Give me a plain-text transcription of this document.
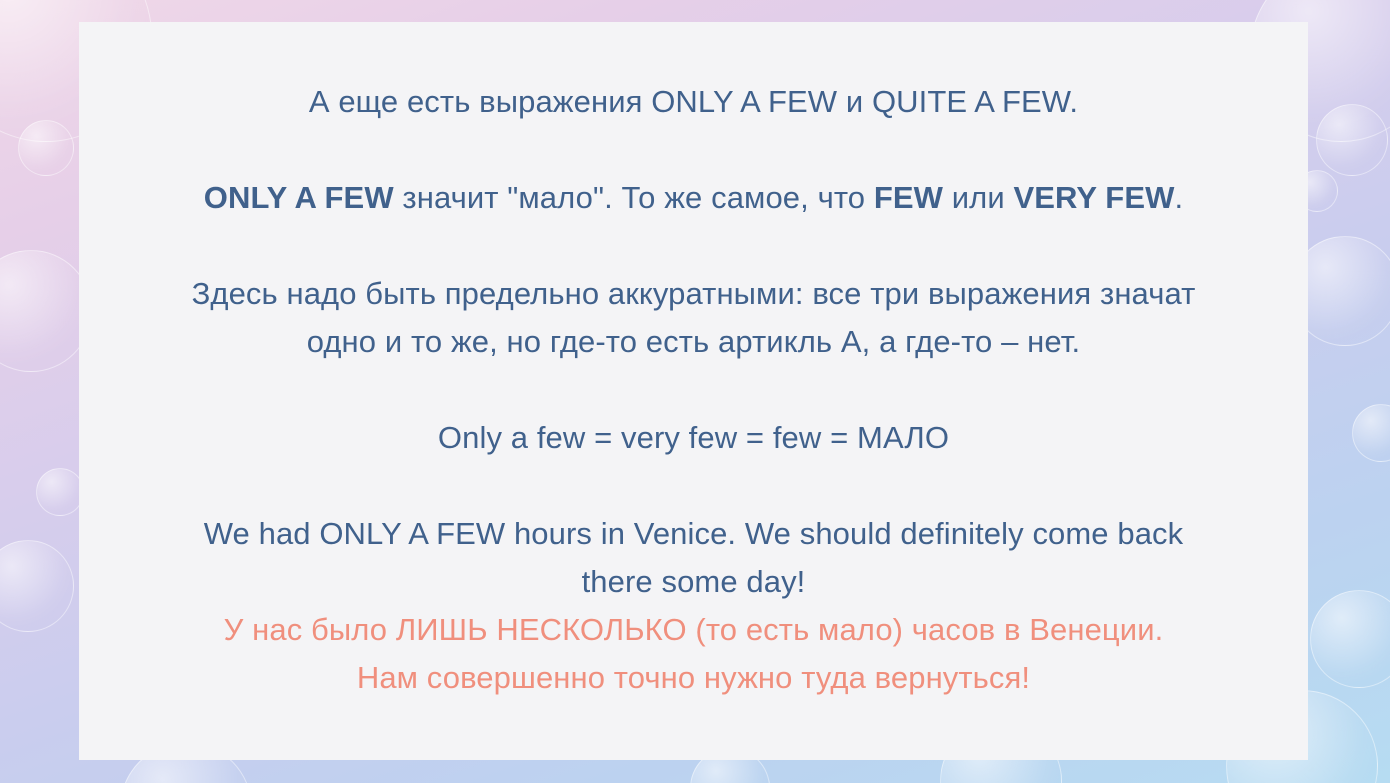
А еще есть выражения ONLY A FEW и QUITE A FEW.
ONLY A FEW значит "мало". То же самое, что FEW или VERY FEW.
Здесь надо быть предельно аккуратными: все три выражения значат
одно и то же, но где-то есть артикль А, а где-то – нет.
Only a few = very few = few = МАЛО
We had ONLY A FEW hours in Venice. We should definitely come back
there some day!
У нас было ЛИШЬ НЕСКОЛЬКО (то есть мало) часов в Венеции.
Нам совершенно точно нужно туда вернуться!
